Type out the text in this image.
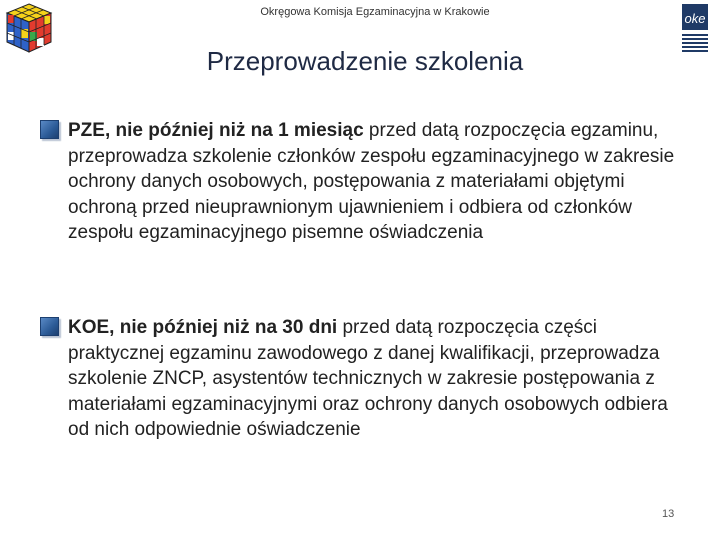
Okręgowa Komisja Egzaminacyjna w Krakowie	oke
Przeprowadzenie szkolenia
PZE, nie później niż na 1 miesiąc przed datą rozpoczęcia egzaminu, przeprowadza szkolenie członków zespołu egzaminacyjnego w zakresie ochrony danych osobowych, postępowania z materiałami objętymi ochroną przed nieuprawnionym ujawnieniem i odbiera od członków zespołu egzaminacyjnego pisemne oświadczenia
KOE, nie później niż na 30 dni przed datą rozpoczęcia części praktycznej egzaminu zawodowego z danej kwalifikacji, przeprowadza szkolenie ZNCP, asystentów technicznych w zakresie postępowania z materiałami egzaminacyjnymi oraz ochrony danych osobowych odbiera od nich odpowiednie oświadczenie
13
